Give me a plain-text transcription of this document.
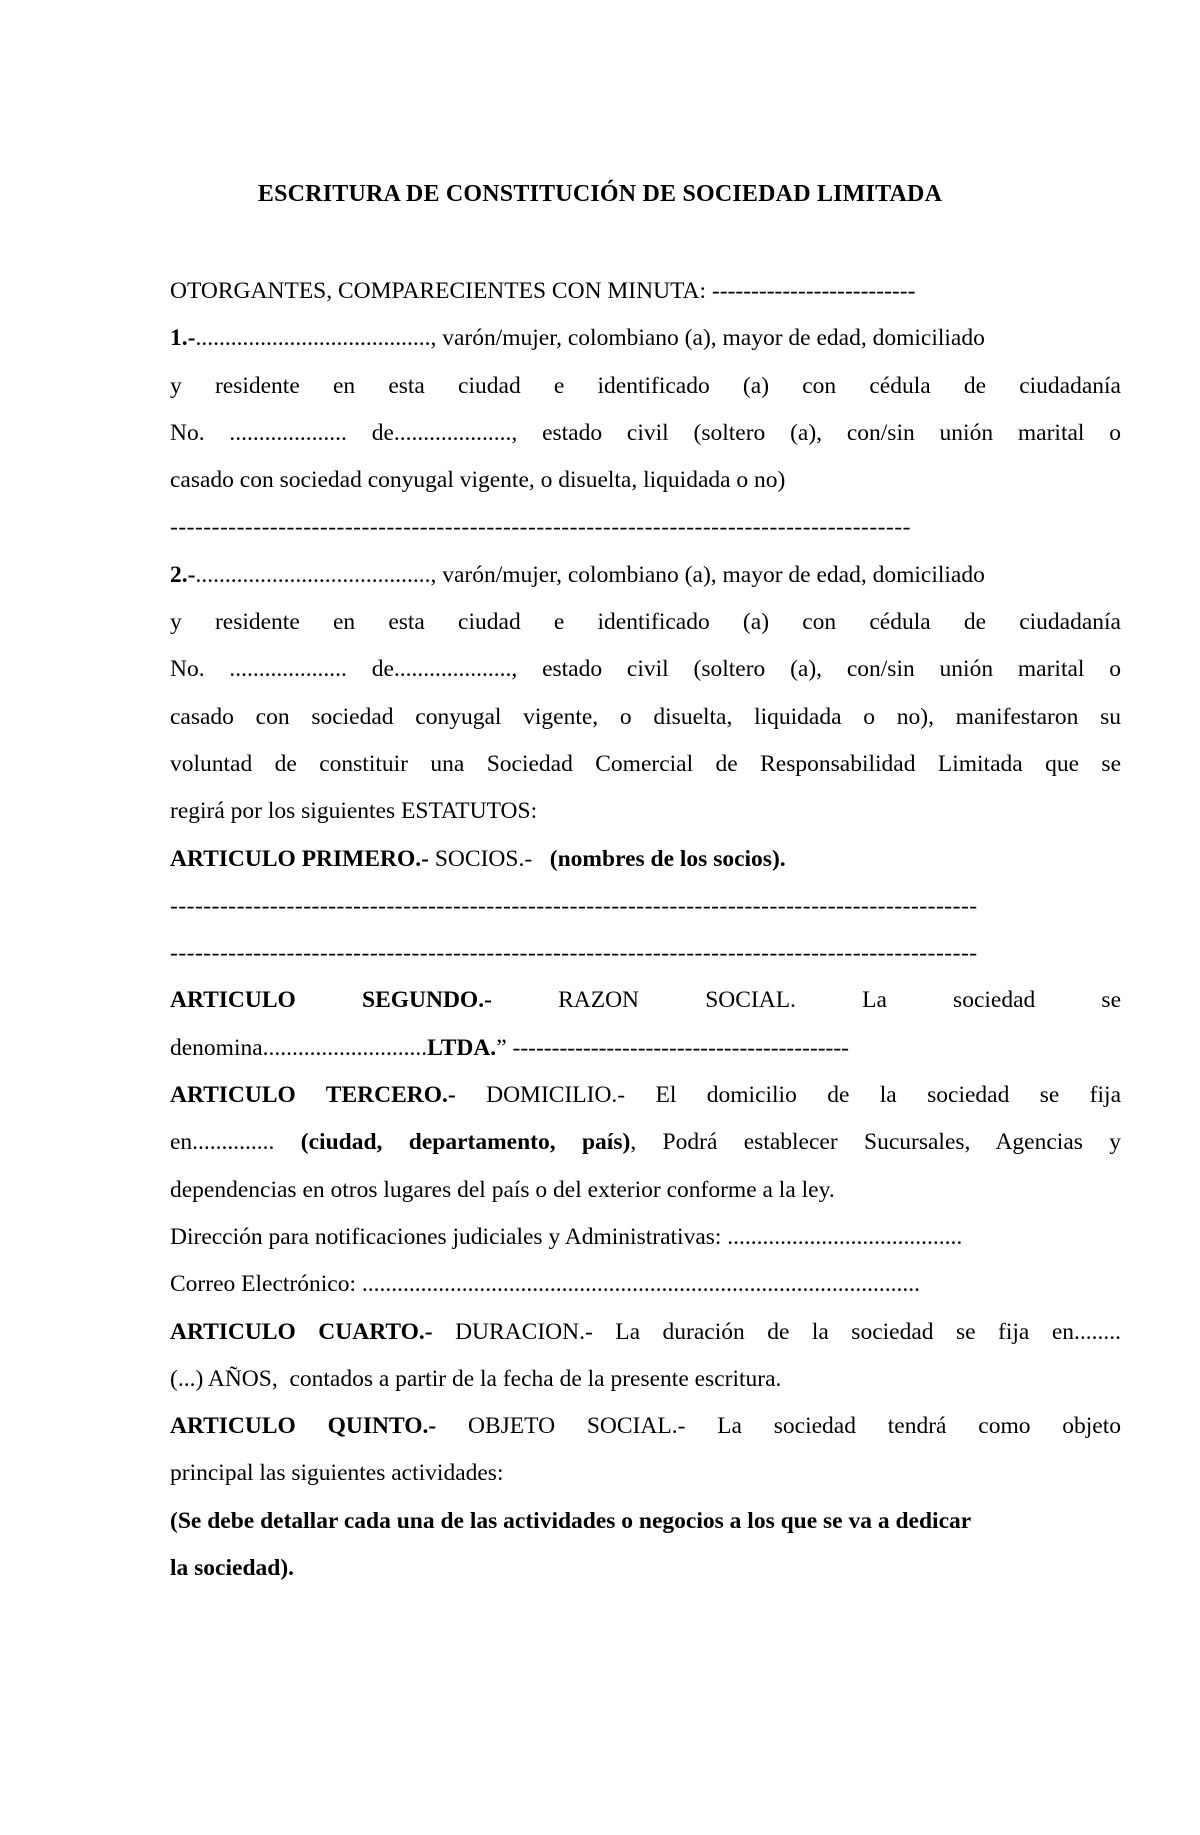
ESCRITURA DE CONSTITUCIÓN DE SOCIEDAD LIMITADA
OTORGANTES, COMPARECIENTES CON MINUTA: --------------------------
1.-........................................, varón/mujer, colombiano (a), mayor de edad, domiciliado
y residente en esta ciudad e identificado (a) con cédula de ciudadanía
No. .................... de...................., estado civil (soltero (a), con/sin unión marital o
casado con sociedad conyugal vigente, o disuelta, liquidada o no)
-----------------------------------------------------------------------------------------
2.-........................................, varón/mujer, colombiano (a), mayor de edad, domiciliado
y residente en esta ciudad e identificado (a) con cédula de ciudadanía
No. .................... de...................., estado civil (soltero (a), con/sin unión marital o
casado con sociedad conyugal vigente, o disuelta, liquidada o no), manifestaron su
voluntad de constituir una Sociedad Comercial de Responsabilidad Limitada que se
regirá por los siguientes ESTATUTOS:
ARTICULO PRIMERO.- SOCIOS.-   (nombres de los socios).
-------------------------------------------------------------------------------------------------
-------------------------------------------------------------------------------------------------
ARTICULO SEGUNDO.- RAZON SOCIAL. La sociedad se
denomina............................LTDA.” -------------------------------------------
ARTICULO TERCERO.- DOMICILIO.- El domicilio de la sociedad se fija
en.............. (ciudad, departamento, país), Podrá establecer Sucursales, Agencias y
dependencias en otros lugares del país o del exterior conforme a la ley.
Dirección para notificaciones judiciales y Administrativas: ........................................
Correo Electrónico: ...............................................................................................
ARTICULO CUARTO.- DURACION.- La duración de la sociedad se fija en........
(...) AÑOS,  contados a partir de la fecha de la presente escritura.
ARTICULO QUINTO.- OBJETO SOCIAL.- La sociedad tendrá como objeto
principal las siguientes actividades:
(Se debe detallar cada una de las actividades o negocios a los que se va a dedicar
la sociedad).
